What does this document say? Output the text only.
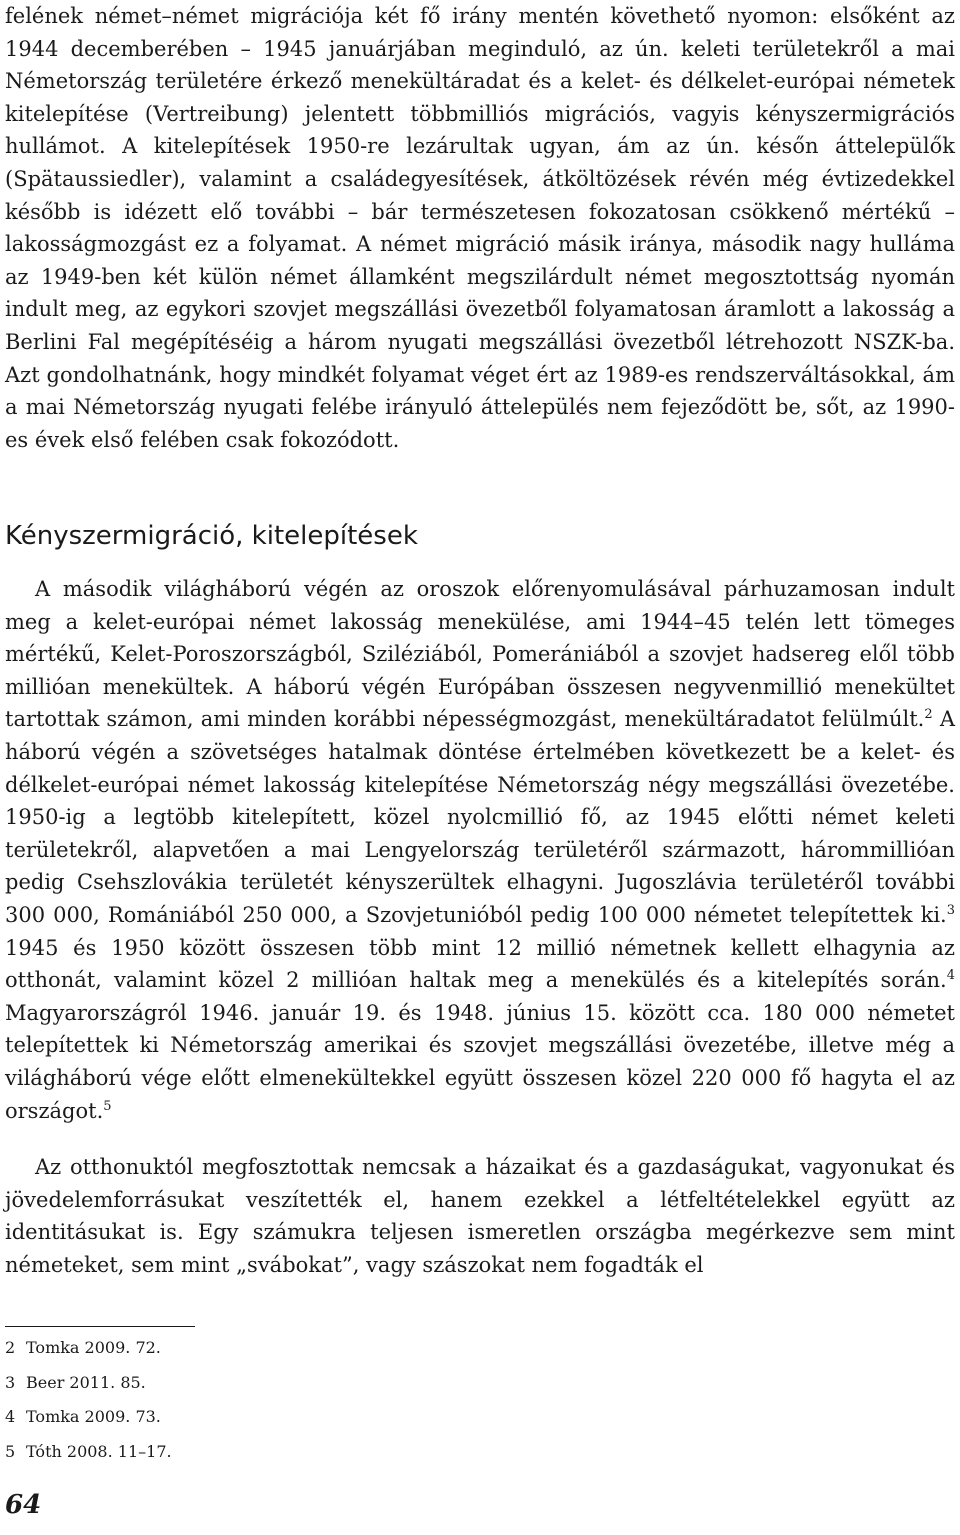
felének német–német migrációja két fő irány mentén követhető nyomon: elsőként az 1944 decemberében – 1945 januárjában meginduló, az ún. keleti területekről a mai Németország területére érkező menekültáradat és a kelet- és délkelet-európai németek kitelepítése (Vertreibung) jelentett többmilliós migrációs, vagyis kényszermigrációs hullámot. A kitelepítések 1950-re lezárultak ugyan, ám az ún. későn áttelepülők (Spätaussiedler), valamint a családegyesítések, átköltözések révén még évtizedekkel később is idézett elő további – bár természetesen fokozatosan csökkenő mértékű – lakosságmozgást ez a folyamat. A német migráció másik iránya, második nagy hulláma az 1949-ben két külön német államként megszilárdult német megosztottság nyomán indult meg, az egykori szovjet megszállási övezetből folyamatosan áramlott a lakosság a Berlini Fal megépítéséig a három nyugati megszállási övezetből létrehozott NSZK-ba. Azt gondolhatnánk, hogy mindkét folyamat véget ért az 1989-es rendszerváltásokkal, ám a mai Németország nyugati felébe irányuló áttelepülés nem fejeződött be, sőt, az 1990-es évek első felében csak fokozódott.

Kényszermigráció, kitelepítések

A második világháború végén az oroszok előrenyomulásával párhuzamosan indult meg a kelet-európai német lakosság menekülése, ami 1944–45 telén lett tömeges mértékű, Kelet-Poroszországból, Sziléziából, Pomerániából a szovjet hadsereg elől több millióan menekültek. A háború végén Európában összesen negyvenmillió menekültet tartottak számon, ami minden korábbi népességmozgást, menekültáradatot felülmúlt.$^2$ A háború végén a szövetséges hatalmak döntése értelmében következett be a kelet- és délkelet-európai német lakosság kitelepítése Németország négy megszállási övezetébe. 1950-ig a legtöbb kitelepített, közel nyolcmillió fő, az 1945 előtti német keleti területekről, alapvetően a mai Lengyelország területéről származott, hárommillióan pedig Csehszlovákia területét kényszerültek elhagyni. Jugoszlávia területéről további 300 000, Romániából 250 000, a Szovjetunióból pedig 100 000 németet telepítettek ki.$^3$ 1945 és 1950 között összesen több mint 12 millió németnek kellett elhagynia az otthonát, valamint közel 2 millióan haltak meg a menekülés és a kitelepítés során.$^4$ Magyarországról 1946. január 19. és 1948. június 15. között cca. 180 000 németet telepítettek ki Németország amerikai és szovjet megszállási övezetébe, illetve még a világháború vége előtt elmenekültekkel együtt összesen közel 220 000 fő hagyta el az országot.$^5$

Az otthonuktól megfosztottak nemcsak a házaikat és a gazdaságukat, vagyonukat és jövedelemforrásukat veszítették el, hanem ezekkel a létfeltételekkel együtt az identitásukat is. Egy számukra teljesen ismeretlen országba megérkezve sem mint németeket, sem mint „svábokat”, vagy szászokat nem fogadták el

2 Tomka 2009. 72.

3 Beer 2011. 85.

4 Tomka 2009. 73.

5 Tóth 2008. 11–17.

64
